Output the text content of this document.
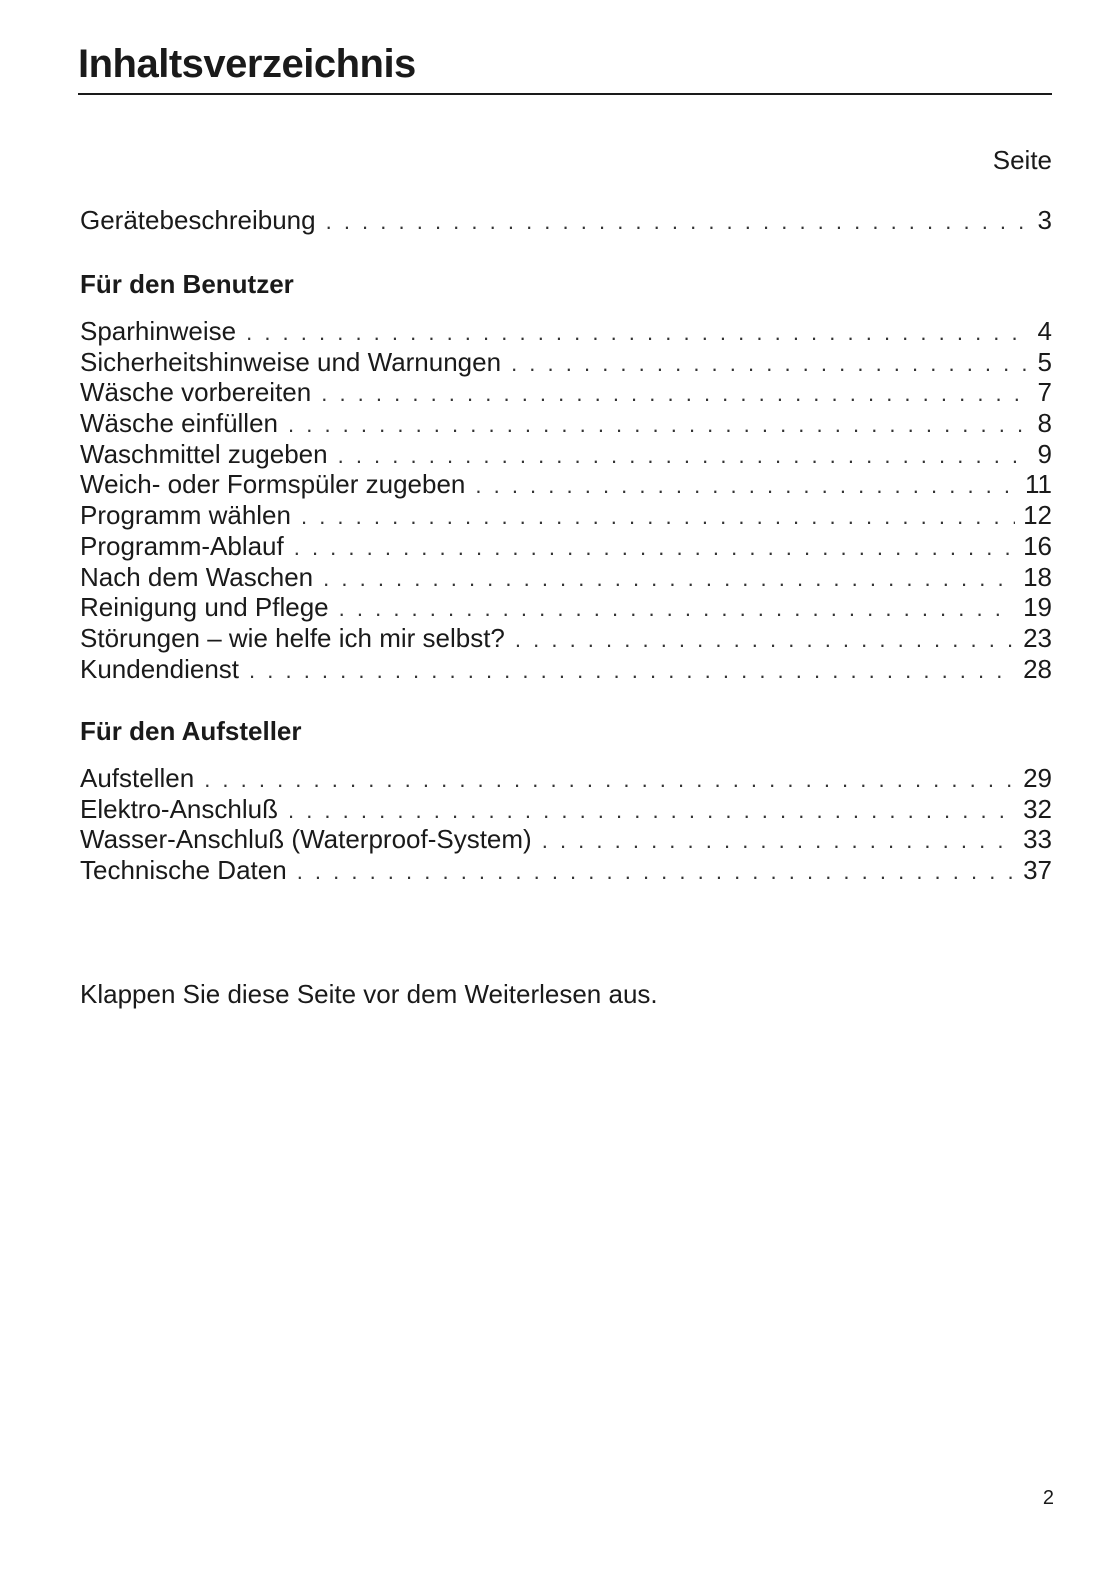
Inhaltsverzeichnis
Seite
Gerätebeschreibung . . .	3
Für den Benutzer
Sparhinweise . . .	4
Sicherheitshinweise und Warnungen . . .	5
Wäsche vorbereiten . . .	7
Wäsche einfüllen . . .	8
Waschmittel zugeben . . .	9
Weich- oder Formspüler zugeben . . .	11
Programm wählen . . .	12
Programm-Ablauf . . .	16
Nach dem Waschen . . .	18
Reinigung und Pflege . . .	19
Störungen – wie helfe ich mir selbst? . . .	23
Kundendienst . . .	28
Für den Aufsteller
Aufstellen . . .	29
Elektro-Anschluß . . .	32
Wasser-Anschluß (Waterproof-System) . . .	33
Technische Daten . . .	37

Klappen Sie diese Seite vor dem Weiterlesen aus.

2
